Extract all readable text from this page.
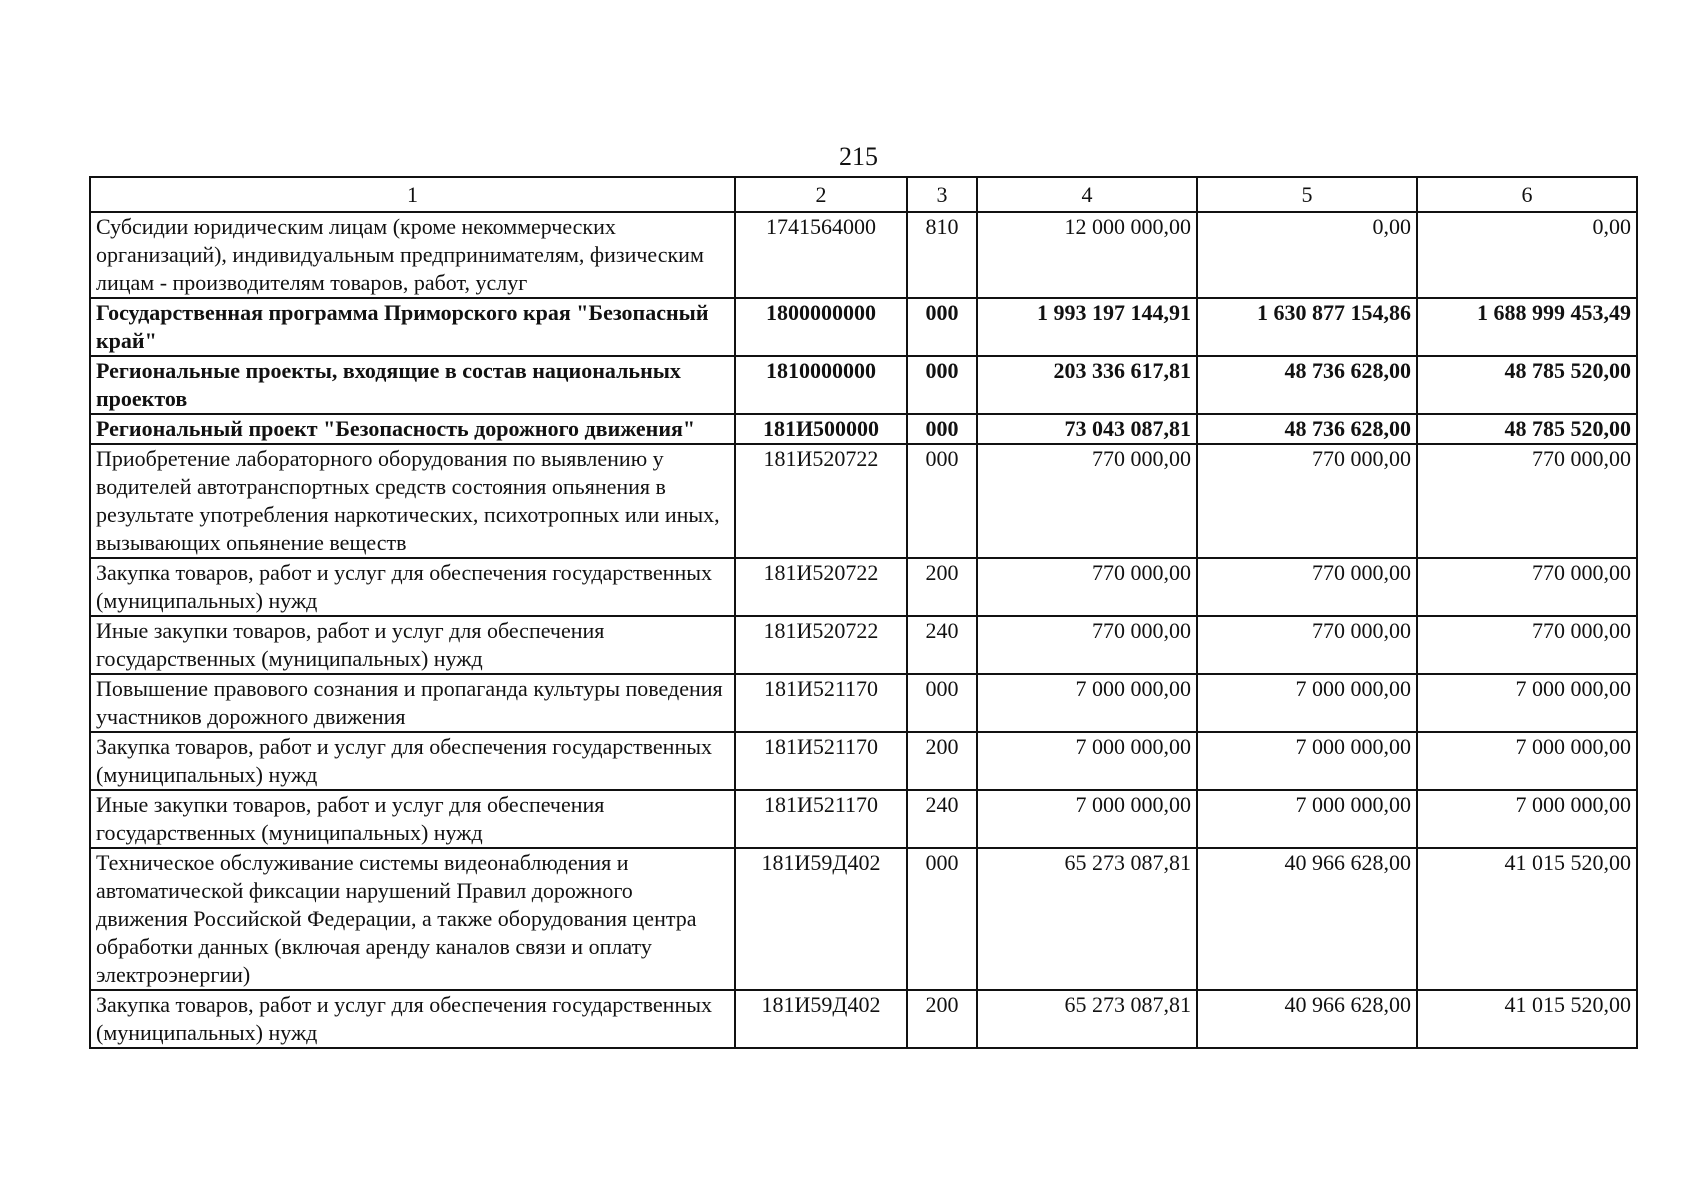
215
1	2	3	4	5	6
Субсидии юридическим лицам (кроме некоммерческих организаций), индивидуальным предпринимателям, физическим лицам - производителям товаров, работ, услуг	1741564000	810	12 000 000,00	0,00	0,00
Государственная программа Приморского края "Безопасный край"	1800000000	000	1 993 197 144,91	1 630 877 154,86	1 688 999 453,49
Региональные проекты, входящие в состав национальных проектов	1810000000	000	203 336 617,81	48 736 628,00	48 785 520,00
Региональный проект "Безопасность дорожного движения"	181И500000	000	73 043 087,81	48 736 628,00	48 785 520,00
Приобретение лабораторного оборудования по выявлению у водителей автотранспортных средств состояния опьянения в результате употребления наркотических, психотропных или иных, вызывающих опьянение веществ	181И520722	000	770 000,00	770 000,00	770 000,00
Закупка товаров, работ и услуг для обеспечения государственных (муниципальных) нужд	181И520722	200	770 000,00	770 000,00	770 000,00
Иные закупки товаров, работ и услуг для обеспечения государственных (муниципальных) нужд	181И520722	240	770 000,00	770 000,00	770 000,00
Повышение правового сознания и пропаганда культуры поведения участников дорожного движения	181И521170	000	7 000 000,00	7 000 000,00	7 000 000,00
Закупка товаров, работ и услуг для обеспечения государственных (муниципальных) нужд	181И521170	200	7 000 000,00	7 000 000,00	7 000 000,00
Иные закупки товаров, работ и услуг для обеспечения государственных (муниципальных) нужд	181И521170	240	7 000 000,00	7 000 000,00	7 000 000,00
Техническое обслуживание системы видеонаблюдения и автоматической фиксации нарушений Правил дорожного движения Российской Федерации, а также оборудования центра обработки данных (включая аренду каналов связи и оплату электроэнергии)	181И59Д402	000	65 273 087,81	40 966 628,00	41 015 520,00
Закупка товаров, работ и услуг для обеспечения государственных (муниципальных) нужд	181И59Д402	200	65 273 087,81	40 966 628,00	41 015 520,00
